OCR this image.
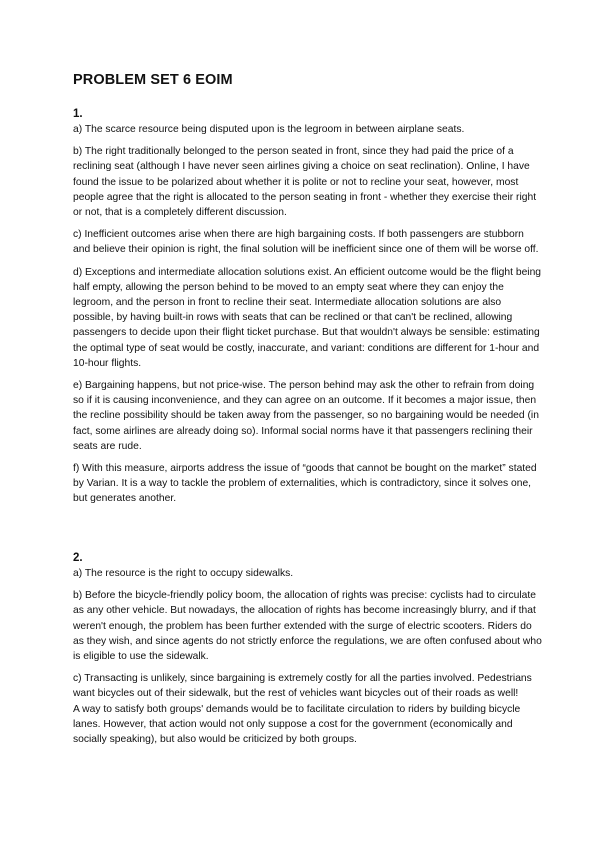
PROBLEM SET 6 EOIM

1.

a) The scarce resource being disputed upon is the legroom in between airplane seats.

b) The right traditionally belonged to the person seated in front, since they had paid the price of a reclining seat (although I have never seen airlines giving a choice on seat reclination). Online, I have found the issue to be polarized about whether it is polite or not to recline your seat, however, most people agree that the right is allocated to the person seating in front - whether they exercise their right or not, that is a completely different discussion.

c) Inefficient outcomes arise when there are high bargaining costs. If both passengers are stubborn and believe their opinion is right, the final solution will be inefficient since one of them will be worse off.

d) Exceptions and intermediate allocation solutions exist. An efficient outcome would be the flight being half empty, allowing the person behind to be moved to an empty seat where they can enjoy the legroom, and the person in front to recline their seat. Intermediate allocation solutions are also possible, by having built-in rows with seats that can be reclined or that can't be reclined, allowing passengers to decide upon their flight ticket purchase. But that wouldn't always be sensible: estimating the optimal type of seat would be costly, inaccurate, and variant: conditions are different for 1-hour and 10-hour flights.

e) Bargaining happens, but not price-wise. The person behind may ask the other to refrain from doing so if it is causing inconvenience, and they can agree on an outcome. If it becomes a major issue, then the recline possibility should be taken away from the passenger, so no bargaining would be needed (in fact, some airlines are already doing so). Informal social norms have it that passengers reclining their seats are rude.

f) With this measure, airports address the issue of “goods that cannot be bought on the market” stated by Varian. It is a way to tackle the problem of externalities, which is contradictory, since it solves one, but generates another.

2.

a) The resource is the right to occupy sidewalks.

b) Before the bicycle-friendly policy boom, the allocation of rights was precise: cyclists had to circulate as any other vehicle. But nowadays, the allocation of rights has become increasingly blurry, and if that weren't enough, the problem has been further extended with the surge of electric scooters. Riders do as they wish, and since agents do not strictly enforce the regulations, we are often confused about who is eligible to use the sidewalk.

c) Transacting is unlikely, since bargaining is extremely costly for all the parties involved. Pedestrians want bicycles out of their sidewalk, but the rest of vehicles want bicycles out of their roads as well!

A way to satisfy both groups' demands would be to facilitate circulation to riders by building bicycle lanes. However, that action would not only suppose a cost for the government (economically and socially speaking), but also would be criticized by both groups.
